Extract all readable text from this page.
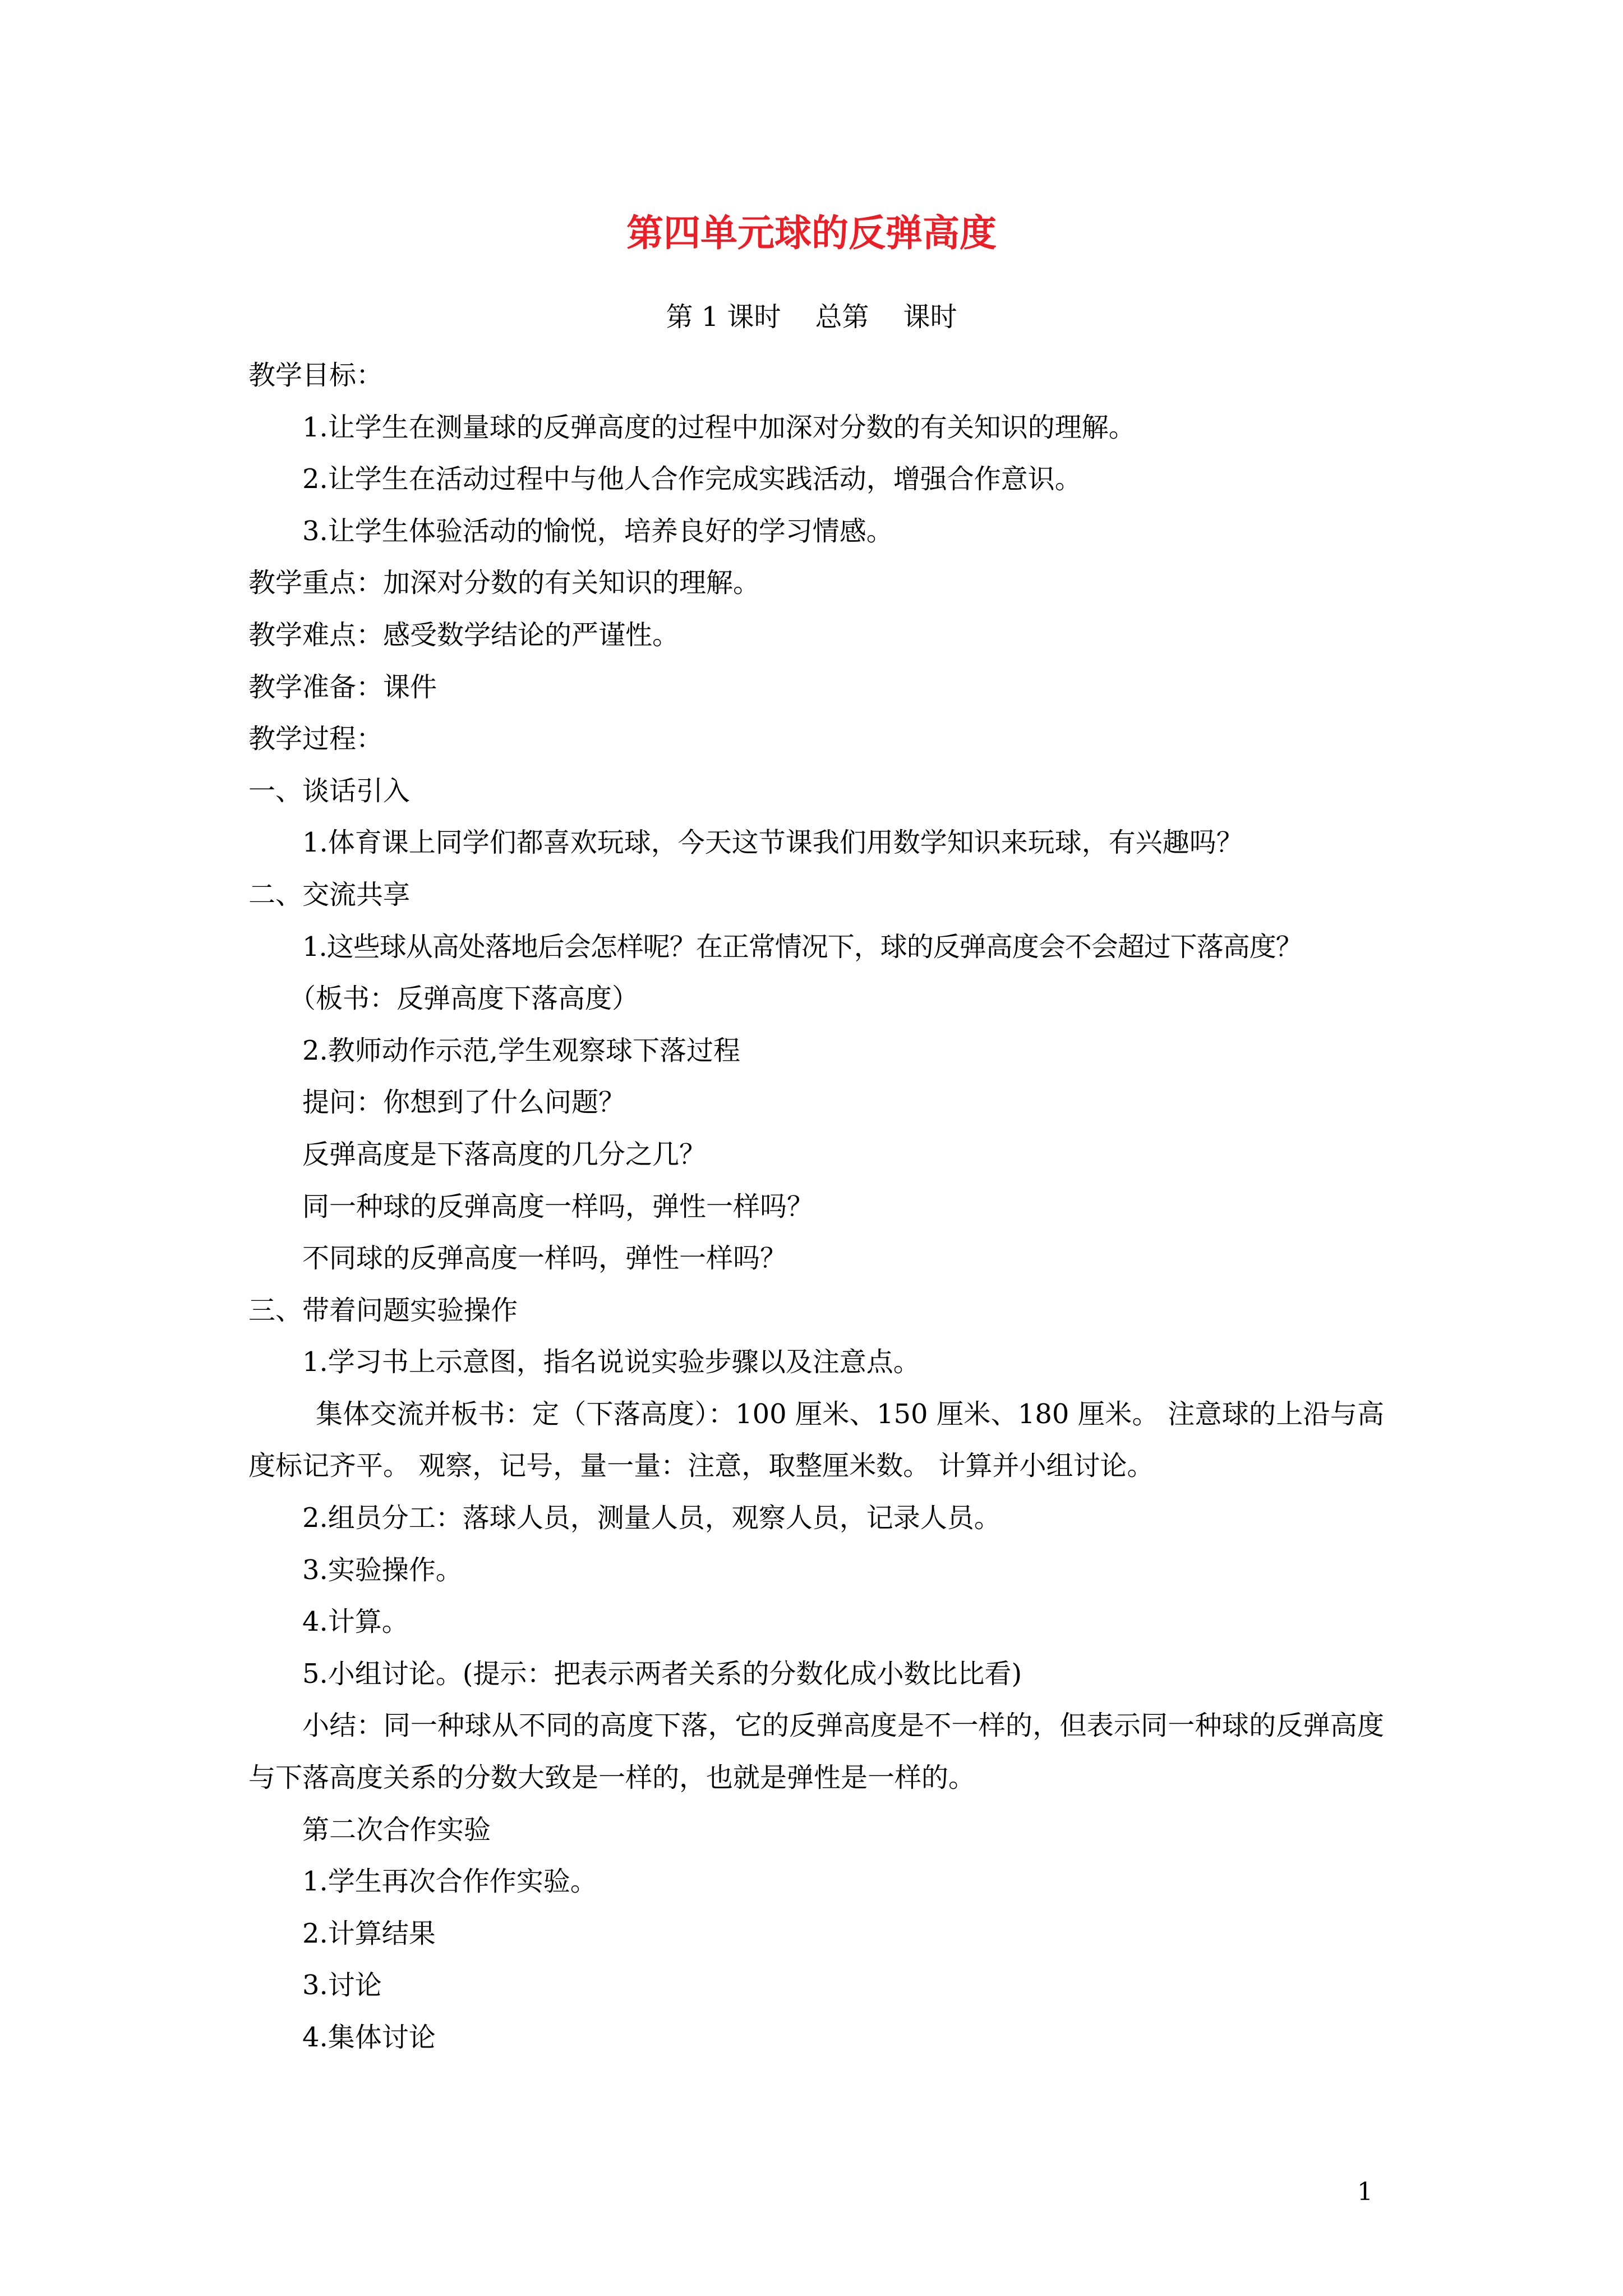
第四单元球的反弹高度
第 1 课时    总第    课时
教学目标：
1.让学生在测量球的反弹高度的过程中加深对分数的有关知识的理解。
2.让学生在活动过程中与他人合作完成实践活动，增强合作意识。
3.让学生体验活动的愉悦，培养良好的学习情感。
教学重点：加深对分数的有关知识的理解。
教学难点：感受数学结论的严谨性。
教学准备：课件
教学过程：
一、谈话引入
1.体育课上同学们都喜欢玩球，今天这节课我们用数学知识来玩球，有兴趣吗？
二、交流共享
1.这些球从高处落地后会怎样呢？在正常情况下，球的反弹高度会不会超过下落高度？
（板书：反弹高度下落高度）
2.教师动作示范,学生观察球下落过程
提问：你想到了什么问题？
反弹高度是下落高度的几分之几？
同一种球的反弹高度一样吗，弹性一样吗？
不同球的反弹高度一样吗，弹性一样吗？
三、带着问题实验操作
1.学习书上示意图，指名说说实验步骤以及注意点。
集体交流并板书：定（下落高度）：100 厘米、150 厘米、180 厘米。 注意球的上沿与高度标记齐平。 观察，记号，量一量：注意，取整厘米数。 计算并小组讨论。
2.组员分工：落球人员，测量人员，观察人员，记录人员。
3.实验操作。
4.计算。
5.小组讨论。(提示：把表示两者关系的分数化成小数比比看)
小结：同一种球从不同的高度下落，它的反弹高度是不一样的，但表示同一种球的反弹高度与下落高度关系的分数大致是一样的，也就是弹性是一样的。
第二次合作实验
1.学生再次合作作实验。
2.计算结果
3.讨论
4.集体讨论
1
